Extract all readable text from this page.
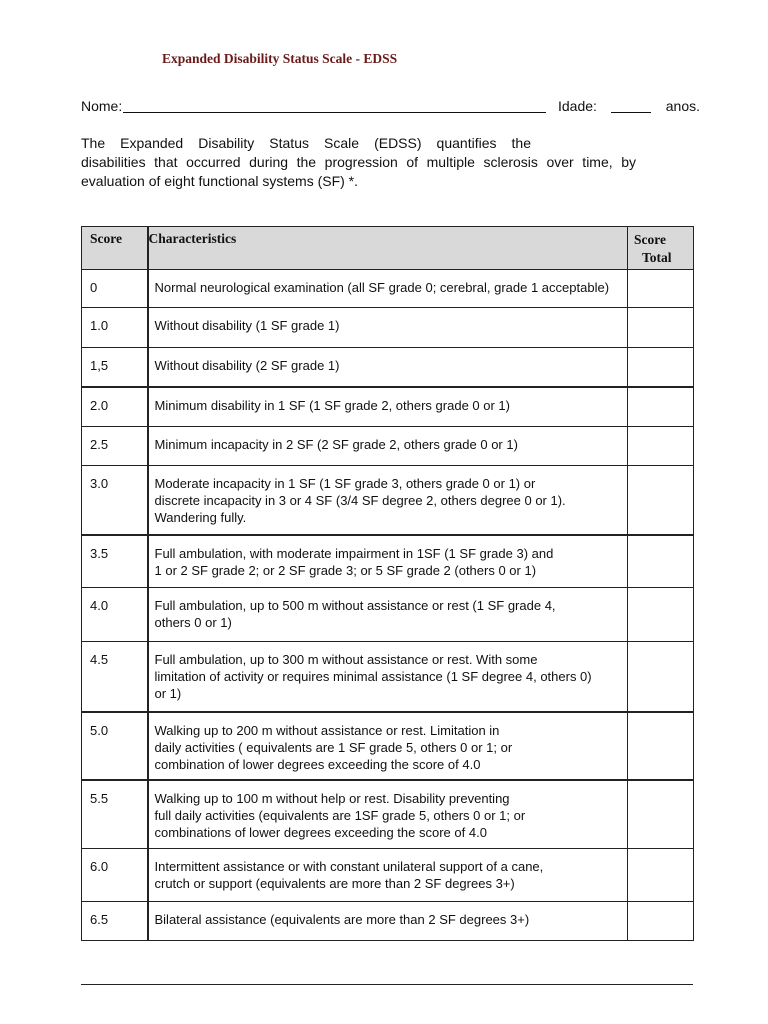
Expanded Disability Status Scale - EDSS
Nome:	Idade:	anos.

The Expanded Disability Status Scale (EDSS) quantifies the

disabilities that occurred during the progression of multiple sclerosis over time, by

evaluation of eight functional systems (SF) *.

Score	Characteristics	Score
Total

0	Normal neurological examination (all SF grade 0; cerebral, grade 1 acceptable)	

1.0	Without disability (1 SF grade 1)	

1,5	Without disability (2 SF grade 1)	

2.0	Minimum disability in 1 SF (1 SF grade 2, others grade 0 or 1)	

2.5	Minimum incapacity in 2 SF (2 SF grade 2, others grade 0 or 1)	

3.0	Moderate incapacity in 1 SF (1 SF grade 3, others grade 0 or 1) or
discrete incapacity in 3 or 4 SF (3/4 SF degree 2, others degree 0 or 1).
Wandering fully.	

3.5	Full ambulation, with moderate impairment in 1SF (1 SF grade 3) and
1 or 2 SF grade 2; or 2 SF grade 3; or 5 SF grade 2 (others 0 or 1)	

4.0	Full ambulation, up to 500 m without assistance or rest (1 SF grade 4,
others 0 or 1)	

4.5	Full ambulation, up to 300 m without assistance or rest. With some
limitation of activity or requires minimal assistance (1 SF degree 4, others 0)
or 1)	

5.0	Walking up to 200 m without assistance or rest. Limitation in
daily activities ( equivalents are 1 SF grade 5, others 0 or 1; or
combination of lower degrees exceeding the score of 4.0	

5.5	Walking up to 100 m without help or rest. Disability preventing
full daily activities (equivalents are 1SF grade 5, others 0 or 1; or
combinations of lower degrees exceeding the score of 4.0	

6.0	Intermittent assistance or with constant unilateral support of a cane,
crutch or support (equivalents are more than 2 SF degrees 3+)	

6.5	Bilateral assistance (equivalents are more than 2 SF degrees 3+)	
